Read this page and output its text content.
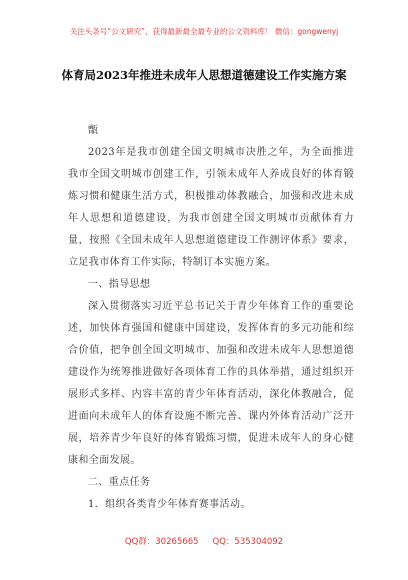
关注头条号“公文研究”，获得最新最全最专业的公文资料库！ 微信：gongwenyj
体育局2023年推进未成年人思想道德建设工作实施方案

甑

2023年是我市创建全国文明城市决胜之年，为全面推进我市全国文明城市创建工作，引领未成年人养成良好的体育锻炼习惯和健康生活方式，积极推动体教融合，加强和改进未成年人思想和道德建设，为我市创建全国文明城市贡献体育力量，按照《全国未成年人思想道德建设工作测评体系》要求，立足我市体育工作实际，特制订本实施方案。

一、指导思想

深入贯彻落实习近平总书记关于青少年体育工作的重要论述，加快体育强国和健康中国建设，发挥体育的多元功能和综合价值，把争创全国文明城市、加强和改进未成年人思想道德建设作为统筹推进做好各项体育工作的具体举措，通过组织开展形式多样、内容丰富的青少年体育活动，深化体教融合，促进面向未成年人的体育设施不断完善、课内外体育活动广泛开展，培养青少年良好的体育锻炼习惯，促进未成年人的身心健康和全面发展。

二、重点任务

1．组织各类青少年体育赛事活动。

QQ群：30265665 QQ：535304092
